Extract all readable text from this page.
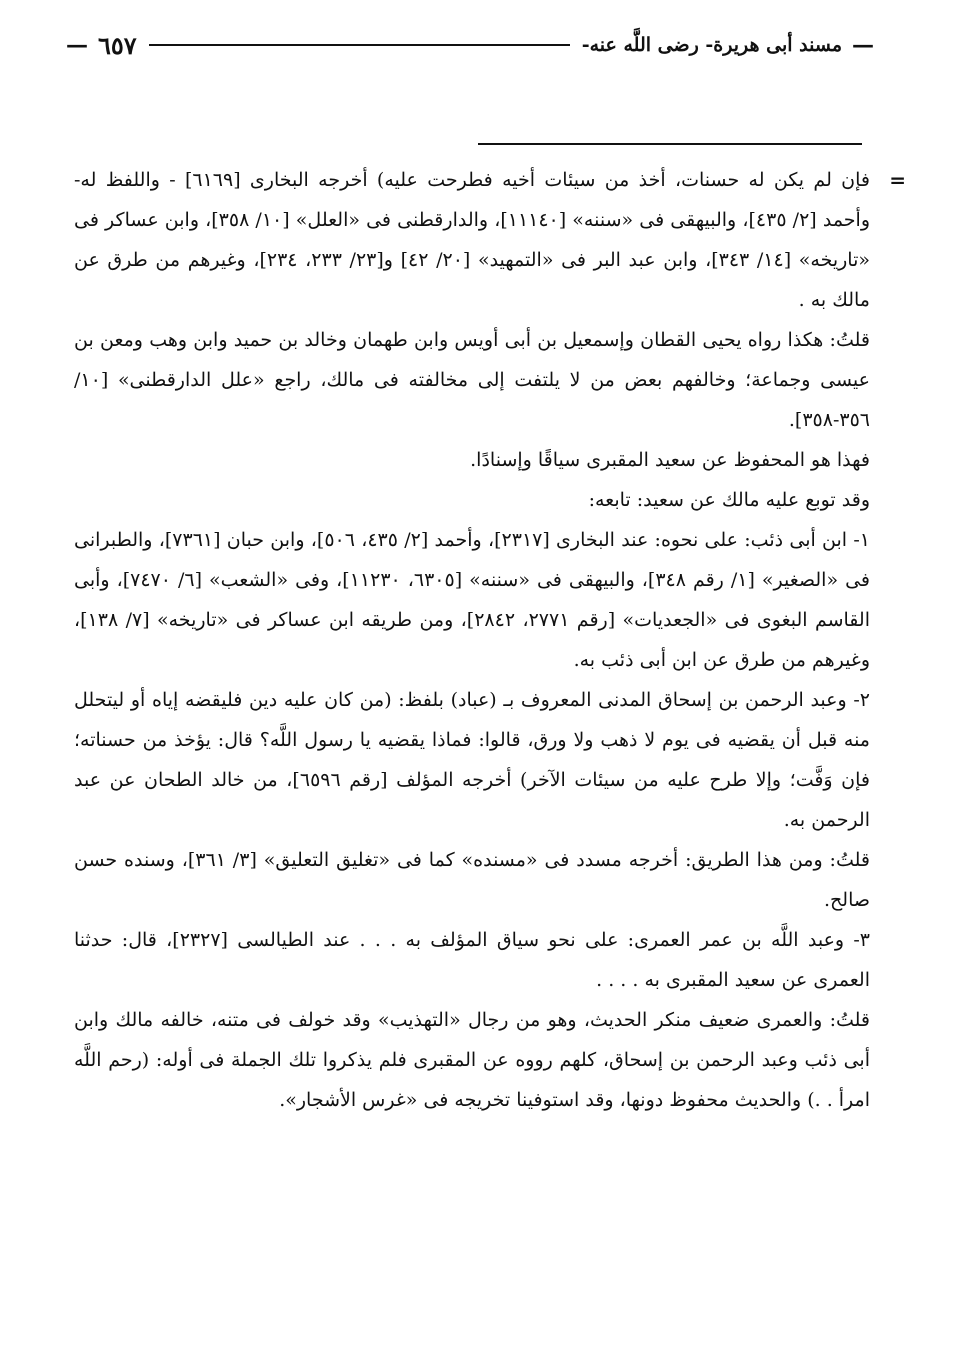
—
مسند أبى هريرة- رضى اللَّه عنه-
٦٥٧
—

=
فإن لم يكن له حسنات، أخذ من سيئات أخيه فطرحت عليه) أخرجه البخارى [٦١٦٩] - واللفظ له- وأحمد [٢/ ٤٣٥]، والبيهقى فى «سننه» [١١١٤٠]، والدارقطنى فى «العلل» [١٠/ ٣٥٨]، وابن عساكر فى «تاريخه» [١٤/ ٣٤٣]، وابن عبد البر فى «التمهيد» [٢٠/ ٤٢] و[٢٣/ ٢٣٣، ٢٣٤]، وغيرهم من طرق عن مالك به .

قلتُ: هكذا رواه يحيى القطان وإسمعيل بن أبى أويس وابن طهمان وخالد بن حميد وابن وهب ومعن بن عيسى وجماعة؛ وخالفهم بعض من لا يلتفت إلى مخالفته فى مالك، راجع «علل الدارقطنى» [١٠/ ٣٥٦-٣٥٨].

فهذا هو المحفوظ عن سعيد المقبرى سياقًا وإسنادًا.

وقد توبع عليه مالك عن سعيد: تابعه:

١- ابن أبى ذئب: على نحوه: عند البخارى [٢٣١٧]، وأحمد [٢/ ٤٣٥، ٥٠٦]، وابن حبان [٧٣٦١]، والطبرانى فى «الصغير» [١/ رقم ٣٤٨]، والبيهقى فى «سننه» [٦٣٠٥، ١١٢٣٠]، وفى «الشعب» [٦/ ٧٤٧٠]، وأبى القاسم البغوى فى «الجعديات» [رقم ٢٧٧١، ٢٨٤٢]، ومن طريقه ابن عساكر فى «تاريخه» [٧/ ١٣٨]، وغيرهم من طرق عن ابن أبى ذئب به.

٢- وعبد الرحمن بن إسحاق المدنى المعروف بـ (عباد) بلفظ: (من كان عليه دين فليقضه إياه أو ليتحلل منه قبل أن يقضيه فى يوم لا ذهب ولا ورق، قالوا: فماذا يقضيه يا رسول اللَّه؟ قال: يؤخذ من حسناته؛ فإن وَفَّت؛ وإلا طرح عليه من سيئات الآخر) أخرجه المؤلف [رقم ٦٥٩٦]، من خالد الطحان عن عبد الرحمن به.

قلتُ: ومن هذا الطريق: أخرجه مسدد فى «مسنده» كما فى «تغليق التعليق» [٣/ ٣٦١]، وسنده حسن صالح.

٣- وعبد اللَّه بن عمر العمرى: على نحو سياق المؤلف به . . . عند الطيالسى [٢٣٢٧]، قال: حدثنا العمرى عن سعيد المقبرى به . . . .

قلتُ: والعمرى ضعيف منكر الحديث، وهو من رجال «التهذيب» وقد خولف فى متنه، خالفه مالك وابن أبى ذئب وعبد الرحمن بن إسحاق، كلهم رووه عن المقبرى فلم يذكروا تلك الجملة فى أوله: (رحم اللَّه امرأ . .) والحديث محفوظ دونها، وقد استوفينا تخريجه فى «غرس الأشجار».
